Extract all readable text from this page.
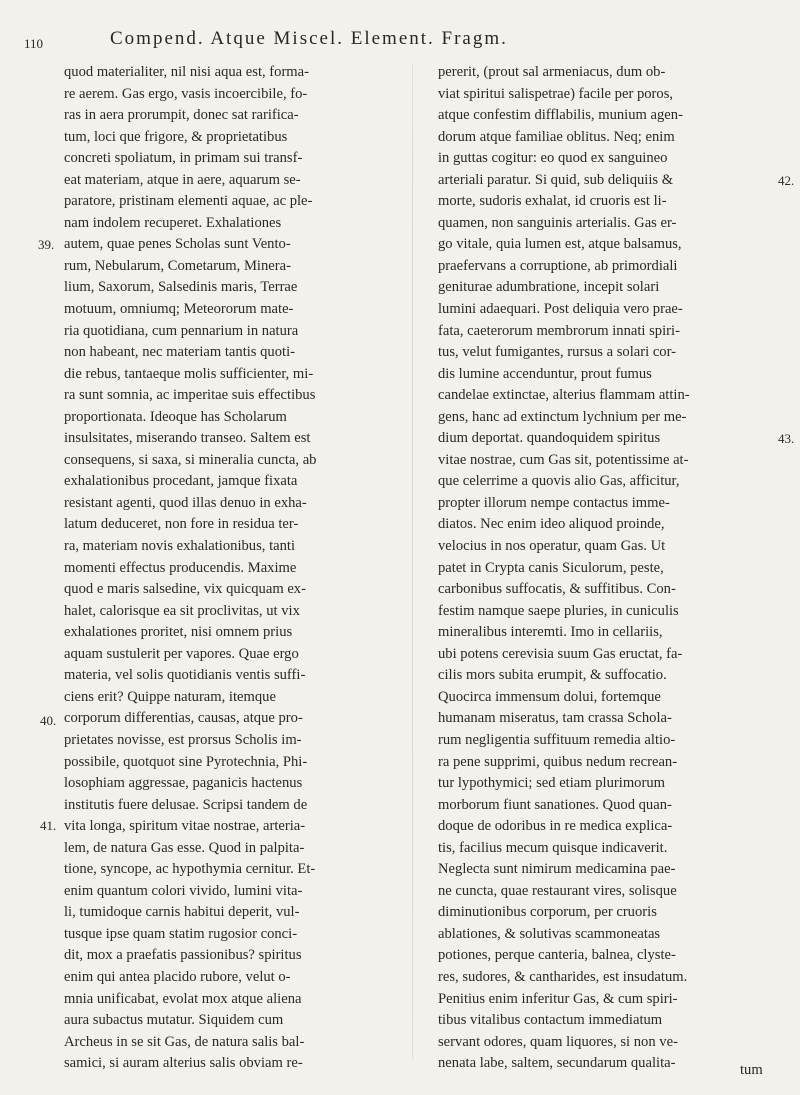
110	Compend. Atque Miscel. Element. Fragm.
quod materialiter, nil nisi aqua est, forma-
re aerem. Gas ergo, vasis incoercibile, fo-
ras in aera prorumpit, donec sat rarifica-
tum, loci que frigore, & proprietatibus
concreti spoliatum, in primam sui transf-
eat materiam, atque in aere, aquarum se-
paratore, pristinam elementi aquae, ac ple-
nam indolem recuperet. Exhalationes
autem, quae penes Scholas sunt Vento-
rum, Nebularum, Cometarum, Minera-
lium, Saxorum, Salsedinis maris, Terrae
motuum, omniumq; Meteororum mate-
ria quotidiana, cum pennarium in natura
non habeant, nec materiam tantis quoti-
die rebus, tantaeque molis sufficienter, mi-
ra sunt somnia, ac imperitae suis effectibus
proportionata. Ideoque has Scholarum
insulsitates, miserando transeo. Saltem est
consequens, si saxa, si mineralia cuncta, ab
exhalationibus procedant, jamque fixata
resistant agenti, quod illas denuo in exha-
latum deduceret, non fore in residua ter-
ra, materiam novis exhalationibus, tanti
momenti effectus producendis. Maxime
quod e maris salsedine, vix quicquam ex-
halet, calorisque ea sit proclivitas, ut vix
exhalationes proritet, nisi omnem prius
aquam sustulerit per vapores. Quae ergo
materia, vel solis quotidianis ventis suffi-
ciens erit? Quippe naturam, itemque
corporum differentias, causas, atque pro-
prietates novisse, est prorsus Scholis im-
possibile, quotquot sine Pyrotechnia, Phi-
losophiam aggressae, paganicis hactenus
institutis fuere delusae. Scripsi tandem de
vita longa, spiritum vitae nostrae, arteria-
lem, de natura Gas esse. Quod in palpita-
tione, syncope, ac hypothymia cernitur. Et-
enim quantum colori vivido, lumini vita-
li, tumidoque carnis habitui deperit, vul-
tusque ipse quam statim rugosior conci-
dit, mox a praefatis passionibus? spiritus
enim qui antea placido rubore, velut o-
mnia unificabat, evolat mox atque aliena
aura subactus mutatur. Siquidem cum
Archeus in se sit Gas, de natura salis bal-
samici, si auram alterius salis obviam re-
pererit, (prout sal armeniacus, dum ob-
viat spiritui salispetrae) facile per poros,
atque confestim difflabilis, munium agen-
dorum atque familiae oblitus. Neq; enim
in guttas cogitur: eo quod ex sanguineo
arteriali paratur. Si quid, sub deliquiis &
morte, sudoris exhalat, id cruoris est li-
quamen, non sanguinis arterialis. Gas er-
go vitale, quia lumen est, atque balsamus,
praefervans a corruptione, ab primordiali
geniturae adumbratione, incepit solari
lumini adaequari. Post deliquia vero prae-
fata, caeterorum membrorum innati spiri-
tus, velut fumigantes, rursus a solari cor-
dis lumine accenduntur, prout fumus
candelae extinctae, alterius flammam attin-
gens, hanc ad extinctum lychnium per me-
dium deportat. quandoquidem spiritus
vitae nostrae, cum Gas sit, potentissime at-
que celerrime a quovis alio Gas, afficitur,
propter illorum nempe contactus imme-
diatos. Nec enim ideo aliquod proinde,
velocius in nos operatur, quam Gas. Ut
patet in Crypta canis Siculorum, peste,
carbonibus suffocatis, & suffitibus. Con-
festim namque saepe pluries, in cuniculis
mineralibus interemti. Imo in cellariis,
ubi potens cerevisia suum Gas eructat, fa-
cilis mors subita erumpit, & suffocatio.
Quocirca immensum dolui, fortemque
humanam miseratus, tam crassa Schola-
rum negligentia suffituum remedia altio-
ra pene supprimi, quibus nedum recrean-
tur lypothymici; sed etiam plurimorum
morborum fiunt sanationes. Quod quan-
doque de odoribus in re medica explica-
tis, facilius mecum quisque indicaverit.
Neglecta sunt nimirum medicamina pae-
ne cuncta, quae restaurant vires, solisque
diminutionibus corporum, per cruoris
ablationes, & solutivas scammoneatas
potiones, perque canteria, balnea, clyste-
res, sudores, & cantharides, est insudatum.
Penitius enim inferitur Gas, & cum spiri-
tibus vitalibus contactum immediatum
servant odores, quam liquores, si non ve-
nenata labe, saltem, secundarum qualita-
39.
40.
41.
42.
43.
tum
